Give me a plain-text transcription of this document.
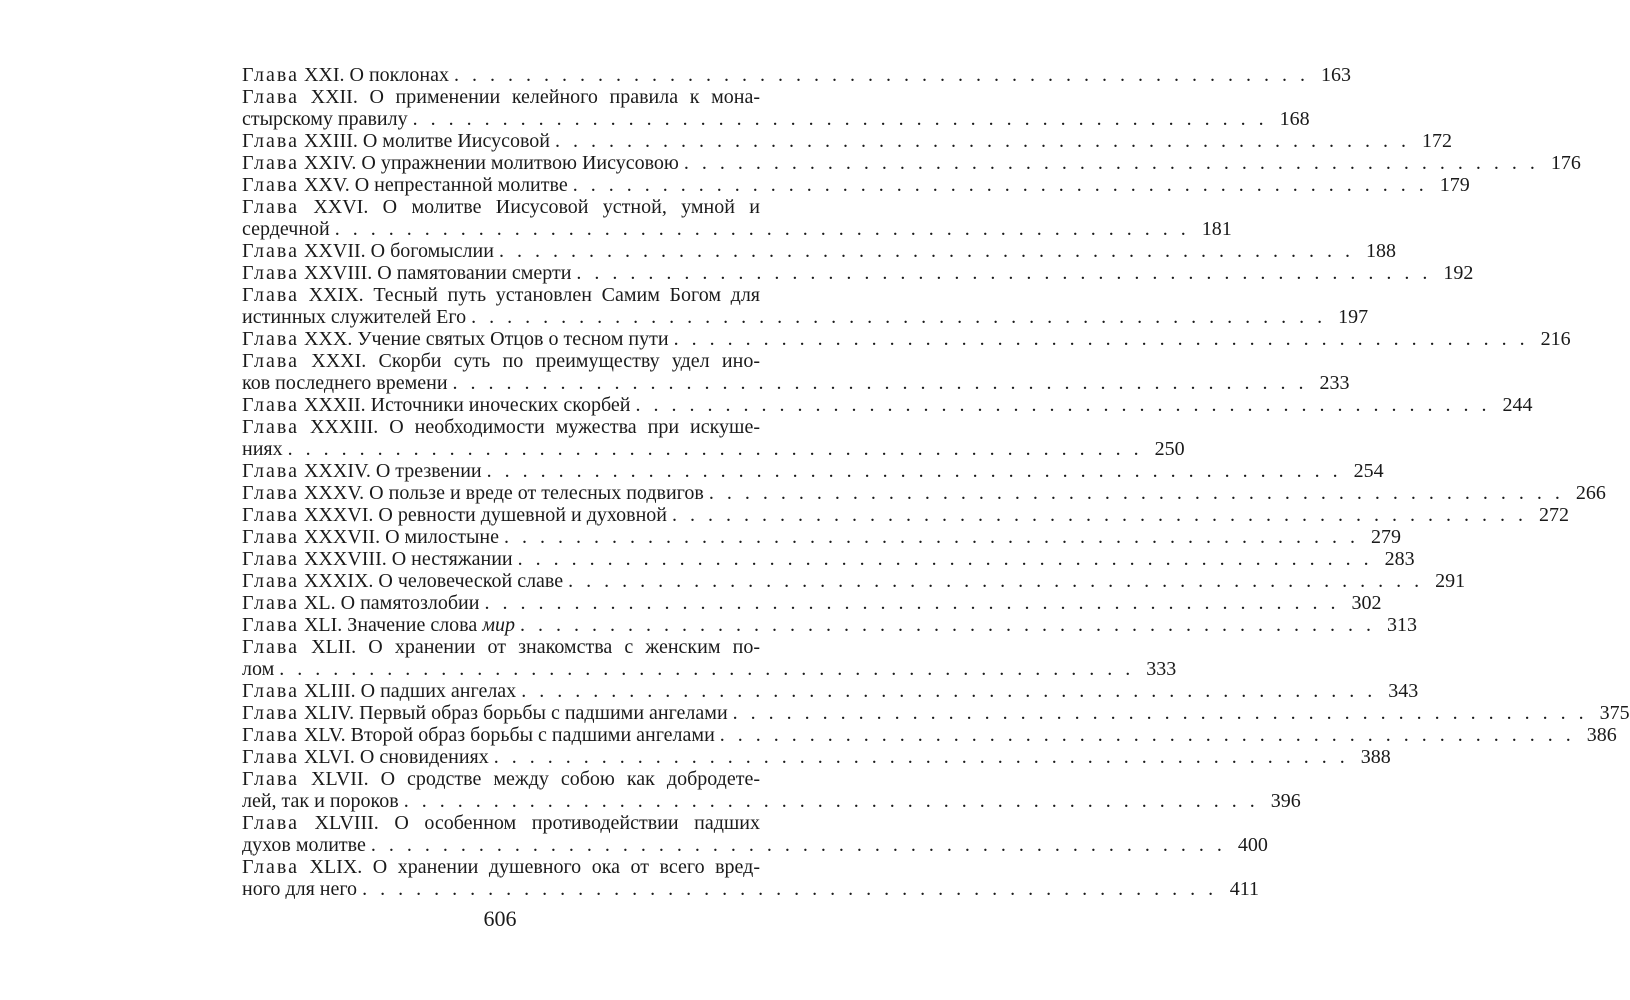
Глава XXI. О поклонах . . . . . . . . . . . . . . . . . . . . . . . . . . . . . . . . . . . . . . . . . . . . . . . . 163
Глава XXII. О применении келейного правила к мона-
стырскому правилу . . . . . . . . . . . . . . . . . . . . . . . . . . . . . . . . . . . . . . . . . . . . . . . . 168
Глава XXIII. О молитве Иисусовой . . . . . . . . . . . . . . . . . . . . . . . . . . . . . . . . . . . . . . . . . . . . . . . . 172
Глава XXIV. О упражнении молитвою Иисусовою . . . . . . . . . . . . . . . . . . . . . . . . . . . . . . . . . . . . . . . . . . . . . . . . 176
Глава XXV. О непрестанной молитве . . . . . . . . . . . . . . . . . . . . . . . . . . . . . . . . . . . . . . . . . . . . . . . . 179
Глава XXVI. О молитве Иисусовой устной, умной и
сердечной . . . . . . . . . . . . . . . . . . . . . . . . . . . . . . . . . . . . . . . . . . . . . . . . 181
Глава XXVII. О богомыслии . . . . . . . . . . . . . . . . . . . . . . . . . . . . . . . . . . . . . . . . . . . . . . . . 188
Глава XXVIII. О памятовании смерти . . . . . . . . . . . . . . . . . . . . . . . . . . . . . . . . . . . . . . . . . . . . . . . . 192
Глава XXIX. Тесный путь установлен Самим Богом для
истинных служителей Его . . . . . . . . . . . . . . . . . . . . . . . . . . . . . . . . . . . . . . . . . . . . . . . . 197
Глава XXX. Учение святых Отцов о тесном пути . . . . . . . . . . . . . . . . . . . . . . . . . . . . . . . . . . . . . . . . . . . . . . . . 216
Глава XXXI. Скорби суть по преимуществу удел ино-
ков последнего времени . . . . . . . . . . . . . . . . . . . . . . . . . . . . . . . . . . . . . . . . . . . . . . . . 233
Глава XXXII. Источники иноческих скорбей . . . . . . . . . . . . . . . . . . . . . . . . . . . . . . . . . . . . . . . . . . . . . . . . 244
Глава XXXIII. О необходимости мужества при искуше-
ниях . . . . . . . . . . . . . . . . . . . . . . . . . . . . . . . . . . . . . . . . . . . . . . . . 250
Глава XXXIV. О трезвении . . . . . . . . . . . . . . . . . . . . . . . . . . . . . . . . . . . . . . . . . . . . . . . . 254
Глава XXXV. О пользе и вреде от телесных подвигов . . . . . . . . . . . . . . . . . . . . . . . . . . . . . . . . . . . . . . . . . . . . . . . . 266
Глава XXXVI. О ревности душевной и духовной . . . . . . . . . . . . . . . . . . . . . . . . . . . . . . . . . . . . . . . . . . . . . . . . 272
Глава XXXVII. О милостыне . . . . . . . . . . . . . . . . . . . . . . . . . . . . . . . . . . . . . . . . . . . . . . . . 279
Глава XXXVIII. О нестяжании . . . . . . . . . . . . . . . . . . . . . . . . . . . . . . . . . . . . . . . . . . . . . . . . 283
Глава XXXIX. О человеческой славе . . . . . . . . . . . . . . . . . . . . . . . . . . . . . . . . . . . . . . . . . . . . . . . . 291
Глава XL. О памятозлобии . . . . . . . . . . . . . . . . . . . . . . . . . . . . . . . . . . . . . . . . . . . . . . . . 302
Глава XLI. Значение слова мир . . . . . . . . . . . . . . . . . . . . . . . . . . . . . . . . . . . . . . . . . . . . . . . . 313
Глава XLII. О хранении от знакомства с женским по-
лом . . . . . . . . . . . . . . . . . . . . . . . . . . . . . . . . . . . . . . . . . . . . . . . . 333
Глава XLIII. О падших ангелах . . . . . . . . . . . . . . . . . . . . . . . . . . . . . . . . . . . . . . . . . . . . . . . . 343
Глава XLIV. Первый образ борьбы с падшими ангелами . . . . . . . . . . . . . . . . . . . . . . . . . . . . . . . . . . . . . . . . . . . . . . . . 375
Глава XLV. Второй образ борьбы с падшими ангелами . . . . . . . . . . . . . . . . . . . . . . . . . . . . . . . . . . . . . . . . . . . . . . . . 386
Глава XLVI. О сновидениях . . . . . . . . . . . . . . . . . . . . . . . . . . . . . . . . . . . . . . . . . . . . . . . . 388
Глава XLVII. О сродстве между собою как добродете-
лей, так и пороков . . . . . . . . . . . . . . . . . . . . . . . . . . . . . . . . . . . . . . . . . . . . . . . . 396
Глава XLVIII. О особенном противодействии падших
духов молитве . . . . . . . . . . . . . . . . . . . . . . . . . . . . . . . . . . . . . . . . . . . . . . . . 400
Глава XLIX. О хранении душевного ока от всего вред-
ного для него . . . . . . . . . . . . . . . . . . . . . . . . . . . . . . . . . . . . . . . . . . . . . . . . 411
606
